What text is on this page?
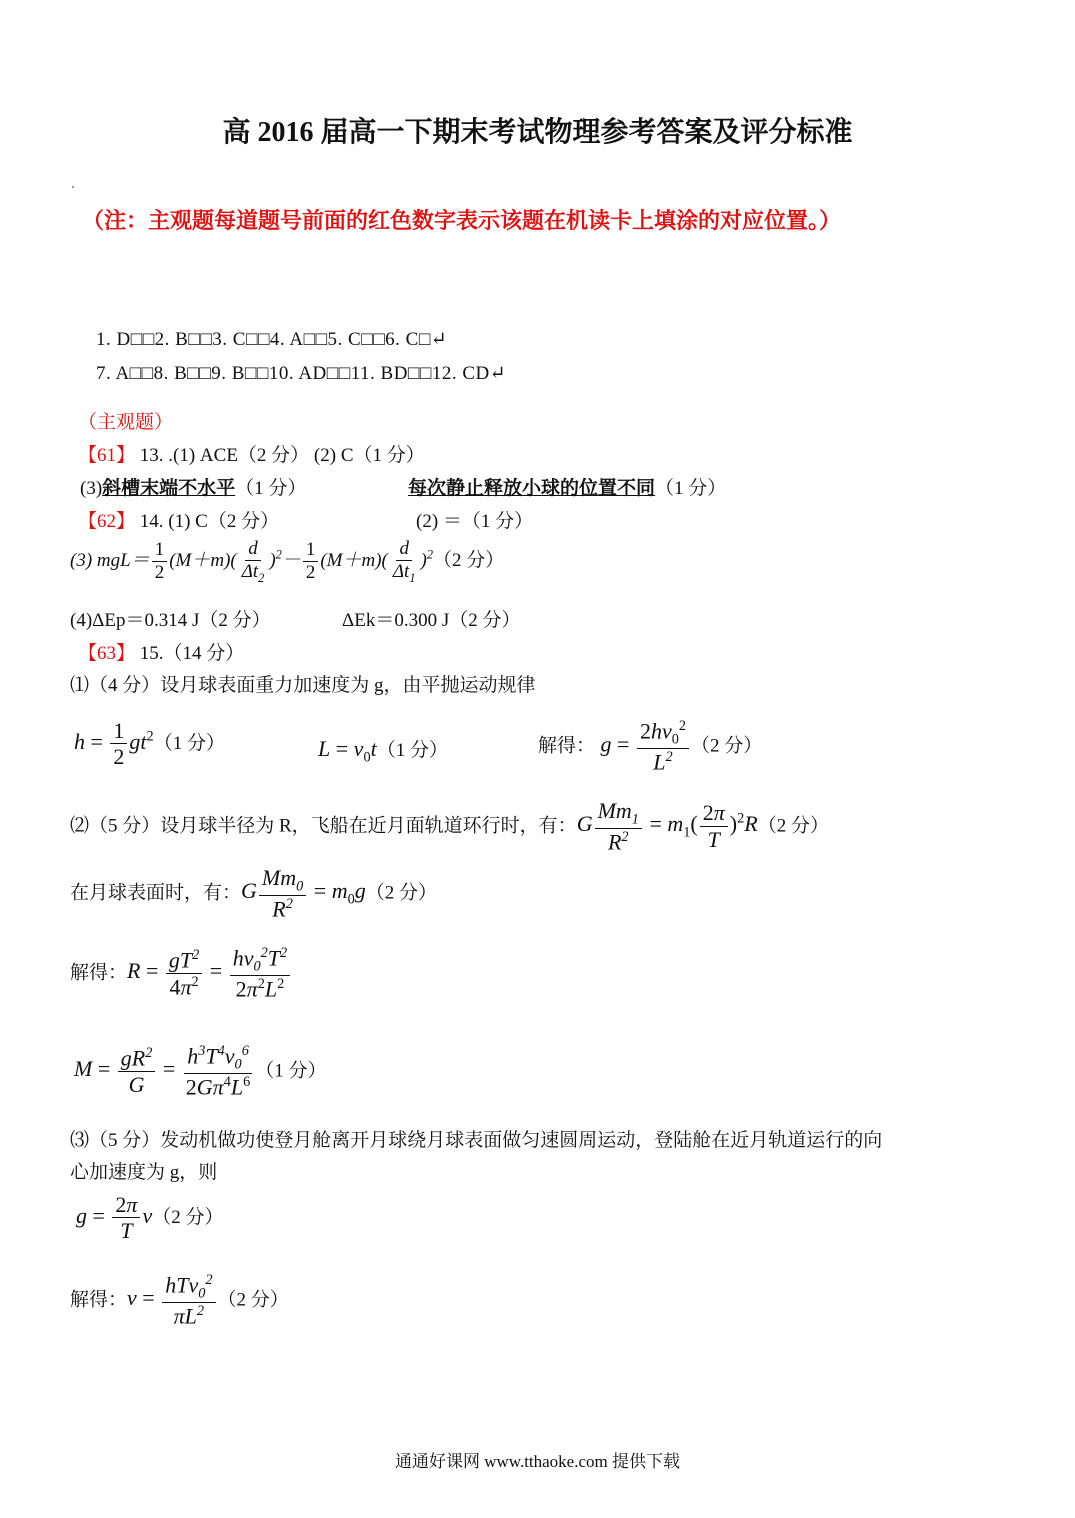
高 2016 届高一下期末考试物理参考答案及评分标准
（注：主观题每道题号前面的红色数字表示该题在机读卡上填涂的对应位置。）
1. D□□2. B□□3. C□□4. A□□5. C□□6. C□↵
7. A□□8. B□□9. B□□10. AD□□11. BD□□12. CD↵
（主观题）
【61】 13. .(1) ACE（2 分） (2) C（1 分）
(3)斜槽末端不水平（1 分）	每次静止释放小球的位置不同（1 分）
【62】 14. (1) C（2 分）	(2) ＝（1 分）
(3) $mgL= \frac{1}{2} (M+m)( \frac{d}{\Delta t_2} )^2- \frac{1}{2} (M+m)( \frac{d}{\Delta t_1} )^2(2$ 分）
(4)ΔEp＝0.314 J（2 分）	ΔEk＝0.300 J（2 分）
【63】 15.（14 分）
⑴（4 分）设月球表面重力加速度为 g，由平抛运动规律
$h = \frac{1}{2} gt^2(1$ 分）	$L = v_0t(1$ 分）	解得： $g = \frac{2hv_0^2}{L^2} (2$ 分）
⑵（5 分）设月球半径为 R，飞船在近月面轨道环行时，有：G $\frac{Mm_1}{R^2} = m_1( \frac{2\pi}{T} )^2R(2$ 分）
在月球表面时，有：G $\frac{Mm_0}{R^2} = m_0g(2$ 分）
解得：$R = \frac{gT^2}{4\pi^2} = \frac{hv_0^2T^2}{2\pi^2L^2}$
$M = \frac{gR^2}{G} = \frac{h^3T^4v_0^6}{2G\pi^4L^6} (1$ 分）
⑶（5 分）发动机做功使登月舱离开月球绕月球表面做匀速圆周运动，登陆舱在近月轨道运行的向
心加速度为 g，则
$g = \frac{2\pi}{T} v(2$ 分）
解得：$v = \frac{hTv_0^2}{\pi L^2} (2$ 分）
通通好课网 www.tthaoke.com 提供下载
